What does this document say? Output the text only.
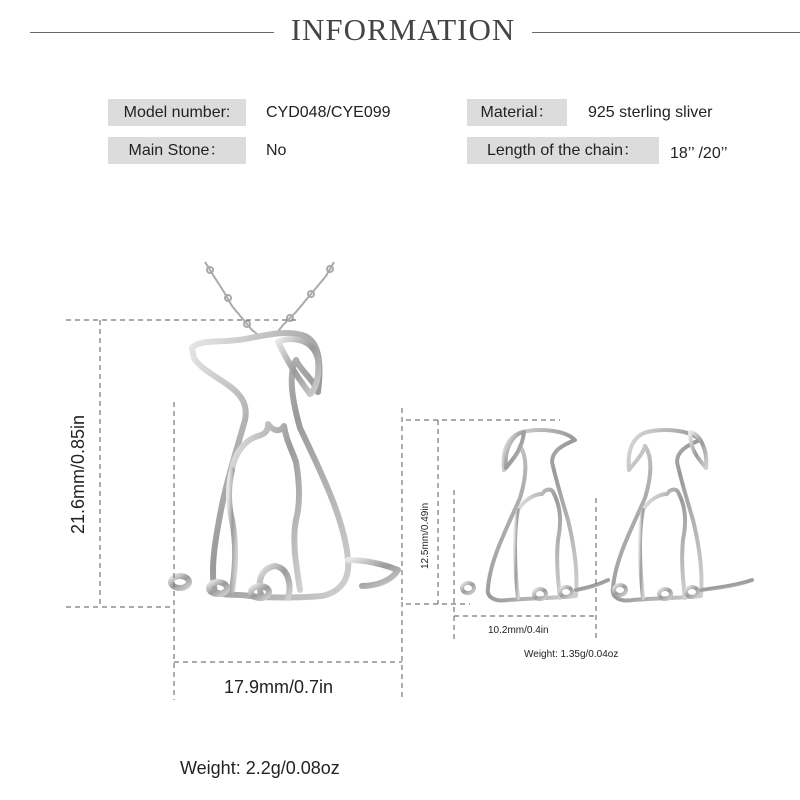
INFORMATION
Model number:	CYD048/CYE099	Material：	925 sterling sliver
Main Stone：	No	Length of the chain：	18’’ /20’’
21.6mm/0.85in
17.9mm/0.7in
Weight: 2.2g/0.08oz
12.5mm/0.49in
10.2mm/0.4in
Weight: 1.35g/0.04oz
